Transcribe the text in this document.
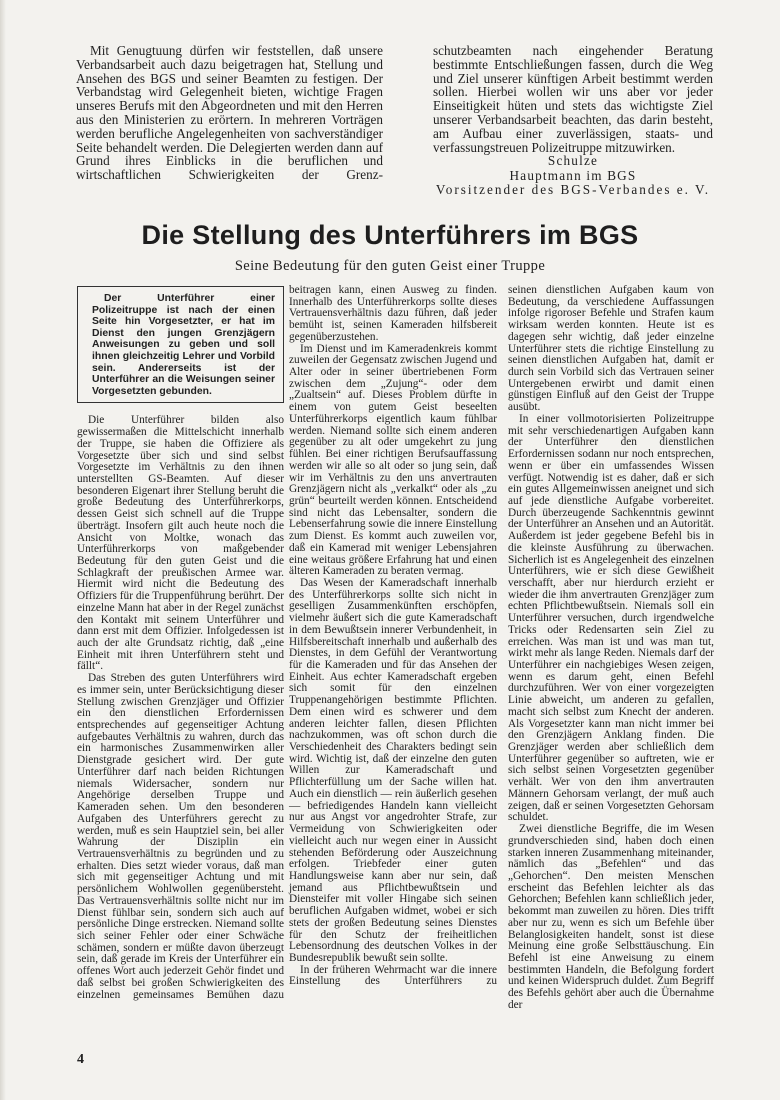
Mit Genugtuung dürfen wir feststellen, daß unsere Verbandsarbeit auch dazu beigetragen hat, Stellung und Ansehen des BGS und seiner Beamten zu festigen. Der Verbandstag wird Gelegenheit bieten, wichtige Fragen unseres Berufs mit den Abgeordneten und mit den Herren aus den Ministerien zu erörtern. In mehreren Vorträgen werden berufliche Angelegenheiten von sachverständiger Seite behandelt werden. Die Delegierten werden dann auf Grund ihres Einblicks in die beruflichen und wirtschaftlichen Schwierigkeiten der Grenz-

schutzbeamten nach eingehender Beratung bestimmte Entschließungen fassen, durch die Weg und Ziel unserer künftigen Arbeit bestimmt werden sollen. Hierbei wollen wir uns aber vor jeder Einseitigkeit hüten und stets das wichtigste Ziel unserer Verbandsarbeit beachten, das darin besteht, am Aufbau einer zuverlässigen, staats- und verfassungstreuen Polizeitruppe mitzuwirken.

Schulze
Hauptmann im BGS
Vorsitzender des BGS-Verbandes e. V.
Die Stellung des Unterführers im BGS
Seine Bedeutung für den guten Geist einer Truppe
Der Unterführer einer Polizeitruppe ist nach der einen Seite hin Vorgesetzter, er hat im Dienst den jungen Grenzjägern Anweisungen zu geben und soll ihnen gleichzeitig Lehrer und Vorbild sein. Andererseits ist der Unterführer an die Weisungen seiner Vorgesetzten gebunden.

Die Unterführer bilden also gewissermaßen die Mittelschicht innerhalb der Truppe, sie haben die Offiziere als Vorgesetzte über sich und sind selbst Vorgesetzte im Verhältnis zu den ihnen unterstellten GS-Beamten. Auf dieser besonderen Eigenart ihrer Stellung beruht die große Bedeutung des Unterführerkorps, dessen Geist sich schnell auf die Truppe überträgt. Insofern gilt auch heute noch die Ansicht von Moltke, wonach das Unterführerkorps von maßgebender Bedeutung für den guten Geist und die Schlagkraft der preußischen Armee war. Hiermit wird nicht die Bedeutung des Offiziers für die Truppenführung berührt. Der einzelne Mann hat aber in der Regel zunächst den Kontakt mit seinem Unterführer und dann erst mit dem Offizier. Infolgedessen ist auch der alte Grundsatz richtig, daß „eine Einheit mit ihren Unterführern steht und fällt“.

Das Streben des guten Unterführers wird es immer sein, unter Berücksichtigung dieser Stellung zwischen Grenzjäger und Offizier ein den dienstlichen Erfordernissen entsprechendes auf gegenseitiger Achtung aufgebautes Verhältnis zu wahren, durch das ein harmonisches Zusammenwirken aller Dienstgrade gesichert wird. Der gute Unterführer darf nach beiden Richtungen niemals Widersacher, sondern nur Angehörige derselben Truppe und Kameraden sehen. Um den besonderen Aufgaben des Unterführers gerecht zu werden, muß es sein Hauptziel sein, bei aller Wahrung der Disziplin ein Vertrauensverhältnis zu begründen und zu erhalten. Dies setzt wieder voraus, daß man sich mit gegenseitiger Achtung und mit persönlichem Wohlwollen gegenübersteht. Das Vertrauensverhältnis sollte nicht nur im Dienst fühlbar sein, sondern sich auch auf persönliche Dinge erstrecken. Niemand sollte sich seiner Fehler oder einer Schwäche schämen, sondern er müßte davon überzeugt sein, daß gerade im Kreis der Unterführer ein offenes Wort auch jederzeit Gehör findet und daß selbst bei großen Schwierigkeiten des einzelnen gemeinsames Bemühen dazu

beitragen kann, einen Ausweg zu finden. Innerhalb des Unterführerkorps sollte dieses Vertrauensverhältnis dazu führen, daß jeder bemüht ist, seinen Kameraden hilfsbereit gegenüberzustehen.

Im Dienst und im Kameradenkreis kommt zuweilen der Gegensatz zwischen Jugend und Alter oder in seiner übertriebenen Form zwischen dem „Zujung“- oder dem „Zualtsein“ auf. Dieses Problem dürfte in einem von gutem Geist beseelten Unterführerkorps eigentlich kaum fühlbar werden. Niemand sollte sich einem anderen gegenüber zu alt oder umgekehrt zu jung fühlen. Bei einer richtigen Berufsauffassung werden wir alle so alt oder so jung sein, daß wir im Verhältnis zu den uns anvertrauten Grenzjägern nicht als „verkalkt“ oder als „zu grün“ beurteilt werden können. Entscheidend sind nicht das Lebensalter, sondern die Lebenserfahrung sowie die innere Einstellung zum Dienst. Es kommt auch zuweilen vor, daß ein Kamerad mit weniger Lebensjahren eine weitaus größere Erfahrung hat und einen älteren Kameraden zu beraten vermag.

Das Wesen der Kameradschaft innerhalb des Unterführerkorps sollte sich nicht in geselligen Zusammenkünften erschöpfen, vielmehr äußert sich die gute Kameradschaft in dem Bewußtsein innerer Verbundenheit, in Hilfsbereitschaft innerhalb und außerhalb des Dienstes, in dem Gefühl der Verantwortung für die Kameraden und für das Ansehen der Einheit. Aus echter Kameradschaft ergeben sich somit für den einzelnen Truppenangehörigen bestimmte Pflichten. Dem einen wird es schwerer und dem anderen leichter fallen, diesen Pflichten nachzukommen, was oft schon durch die Verschiedenheit des Charakters bedingt sein wird. Wichtig ist, daß der einzelne den guten Willen zur Kameradschaft und Pflichterfüllung um der Sache willen hat. Auch ein dienstlich — rein äußerlich gesehen — befriedigendes Handeln kann vielleicht nur aus Angst vor angedrohter Strafe, zur Vermeidung von Schwierigkeiten oder vielleicht auch nur wegen einer in Aussicht stehenden Beförderung oder Auszeichnung erfolgen. Triebfeder einer guten Handlungsweise kann aber nur sein, daß jemand aus Pflichtbewußtsein und Diensteifer mit voller Hingabe sich seinen beruflichen Aufgaben widmet, wobei er sich stets der großen Bedeutung seines Dienstes für den Schutz der freiheitlichen Lebensordnung des deutschen Volkes in der Bundesrepublik bewußt sein sollte.

In der früheren Wehrmacht war die innere Einstellung des Unterführers zu

seinen dienstlichen Aufgaben kaum von Bedeutung, da verschiedene Auffassungen infolge rigoroser Befehle und Strafen kaum wirksam werden konnten. Heute ist es dagegen sehr wichtig, daß jeder einzelne Unterführer stets die richtige Einstellung zu seinen dienstlichen Aufgaben hat, damit er durch sein Vorbild sich das Vertrauen seiner Untergebenen erwirbt und damit einen günstigen Einfluß auf den Geist der Truppe ausübt.

In einer vollmotorisierten Polizeitruppe mit sehr verschiedenartigen Aufgaben kann der Unterführer den dienstlichen Erfordernissen sodann nur noch entsprechen, wenn er über ein umfassendes Wissen verfügt. Notwendig ist es daher, daß er sich ein gutes Allgemeinwissen aneignet und sich auf jede dienstliche Aufgabe vorbereitet. Durch überzeugende Sachkenntnis gewinnt der Unterführer an Ansehen und an Autorität. Außerdem ist jeder gegebene Befehl bis in die kleinste Ausführung zu überwachen. Sicherlich ist es Angelegenheit des einzelnen Unterführers, wie er sich diese Gewißheit verschafft, aber nur hierdurch erzieht er wieder die ihm anvertrauten Grenzjäger zum echten Pflichtbewußtsein. Niemals soll ein Unterführer versuchen, durch irgendwelche Tricks oder Redensarten sein Ziel zu erreichen. Was man ist und was man tut, wirkt mehr als lange Reden. Niemals darf der Unterführer ein nachgiebiges Wesen zeigen, wenn es darum geht, einen Befehl durchzuführen. Wer von einer vorgezeigten Linie abweicht, um anderen zu gefallen, macht sich selbst zum Knecht der anderen. Als Vorgesetzter kann man nicht immer bei den Grenzjägern Anklang finden. Die Grenzjäger werden aber schließlich dem Unterführer gegenüber so auftreten, wie er sich selbst seinen Vorgesetzten gegenüber verhält. Wer von den ihm anvertrauten Männern Gehorsam verlangt, der muß auch zeigen, daß er seinen Vorgesetzten Gehorsam schuldet.

Zwei dienstliche Begriffe, die im Wesen grundverschieden sind, haben doch einen starken inneren Zusammenhang miteinander, nämlich das „Befehlen“ und das „Gehorchen“. Den meisten Menschen erscheint das Befehlen leichter als das Gehorchen; Befehlen kann schließlich jeder, bekommt man zuweilen zu hören. Dies trifft aber nur zu, wenn es sich um Befehle über Belanglosigkeiten handelt, sonst ist diese Meinung eine große Selbsttäuschung. Ein Befehl ist eine Anweisung zu einem bestimmten Handeln, die Befolgung fordert und keinen Widerspruch duldet. Zum Begriff des Befehls gehört aber auch die Übernahme der

4
